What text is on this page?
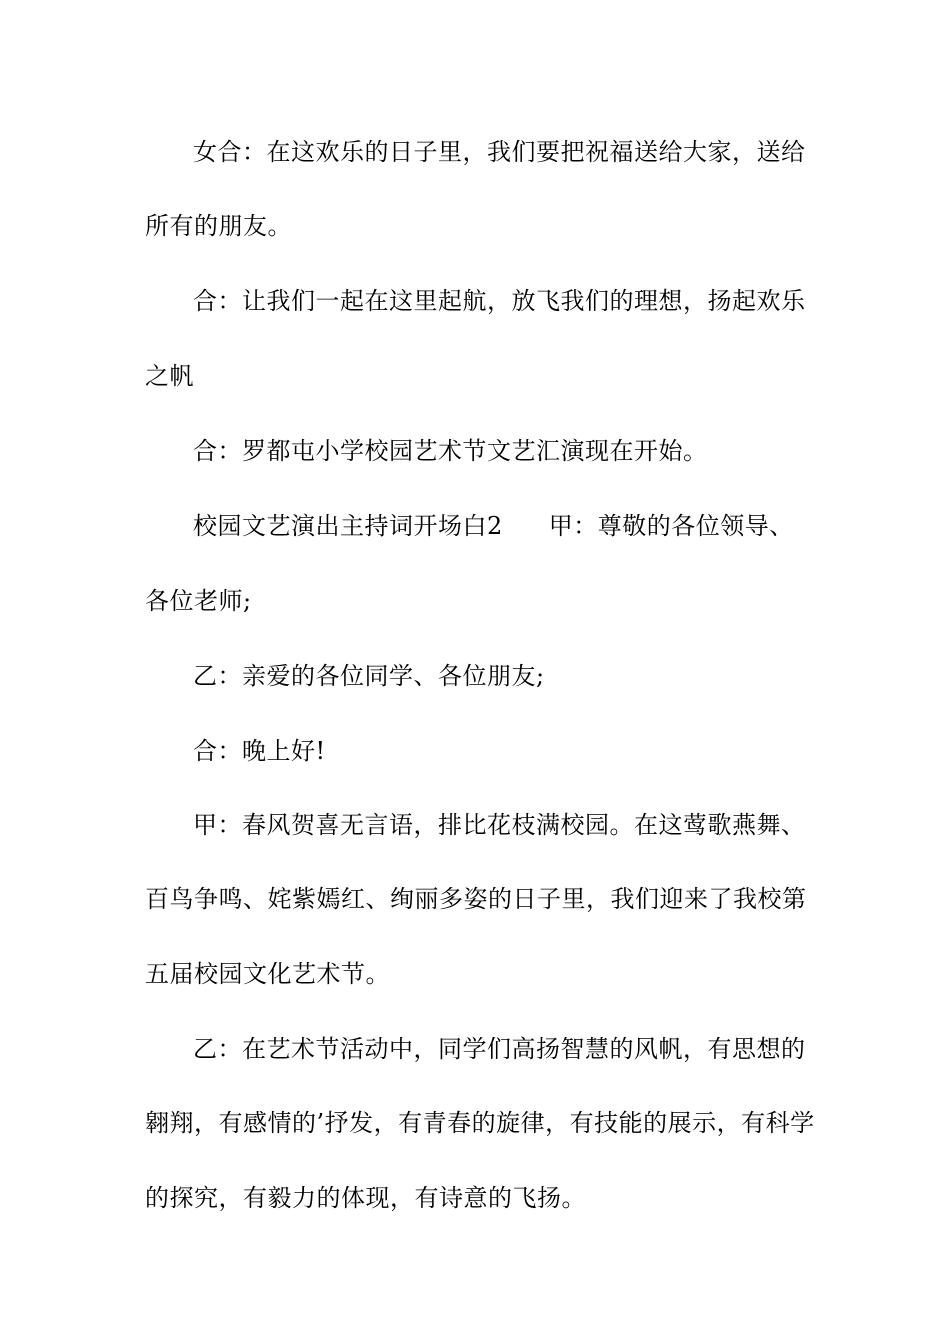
女合：在这欢乐的日子里，我们要把祝福送给大家，送给
所有的朋友。
合：让我们一起在这里起航，放飞我们的理想，扬起欢乐
之帆
合：罗都屯小学校园艺术节文艺汇演现在开始。
校园文艺演出主持词开场白2 甲：尊敬的各位领导、
各位老师;
乙：亲爱的各位同学、各位朋友;
合：晚上好!
甲：春风贺喜无言语，排比花枝满校园。在这莺歌燕舞、
百鸟争鸣、姹紫嫣红、绚丽多姿的日子里，我们迎来了我校第
五届校园文化艺术节。
乙：在艺术节活动中，同学们高扬智慧的风帆，有思想的
翱翔，有感情的’抒发，有青春的旋律，有技能的展示，有科学
的探究，有毅力的体现，有诗意的飞扬。
